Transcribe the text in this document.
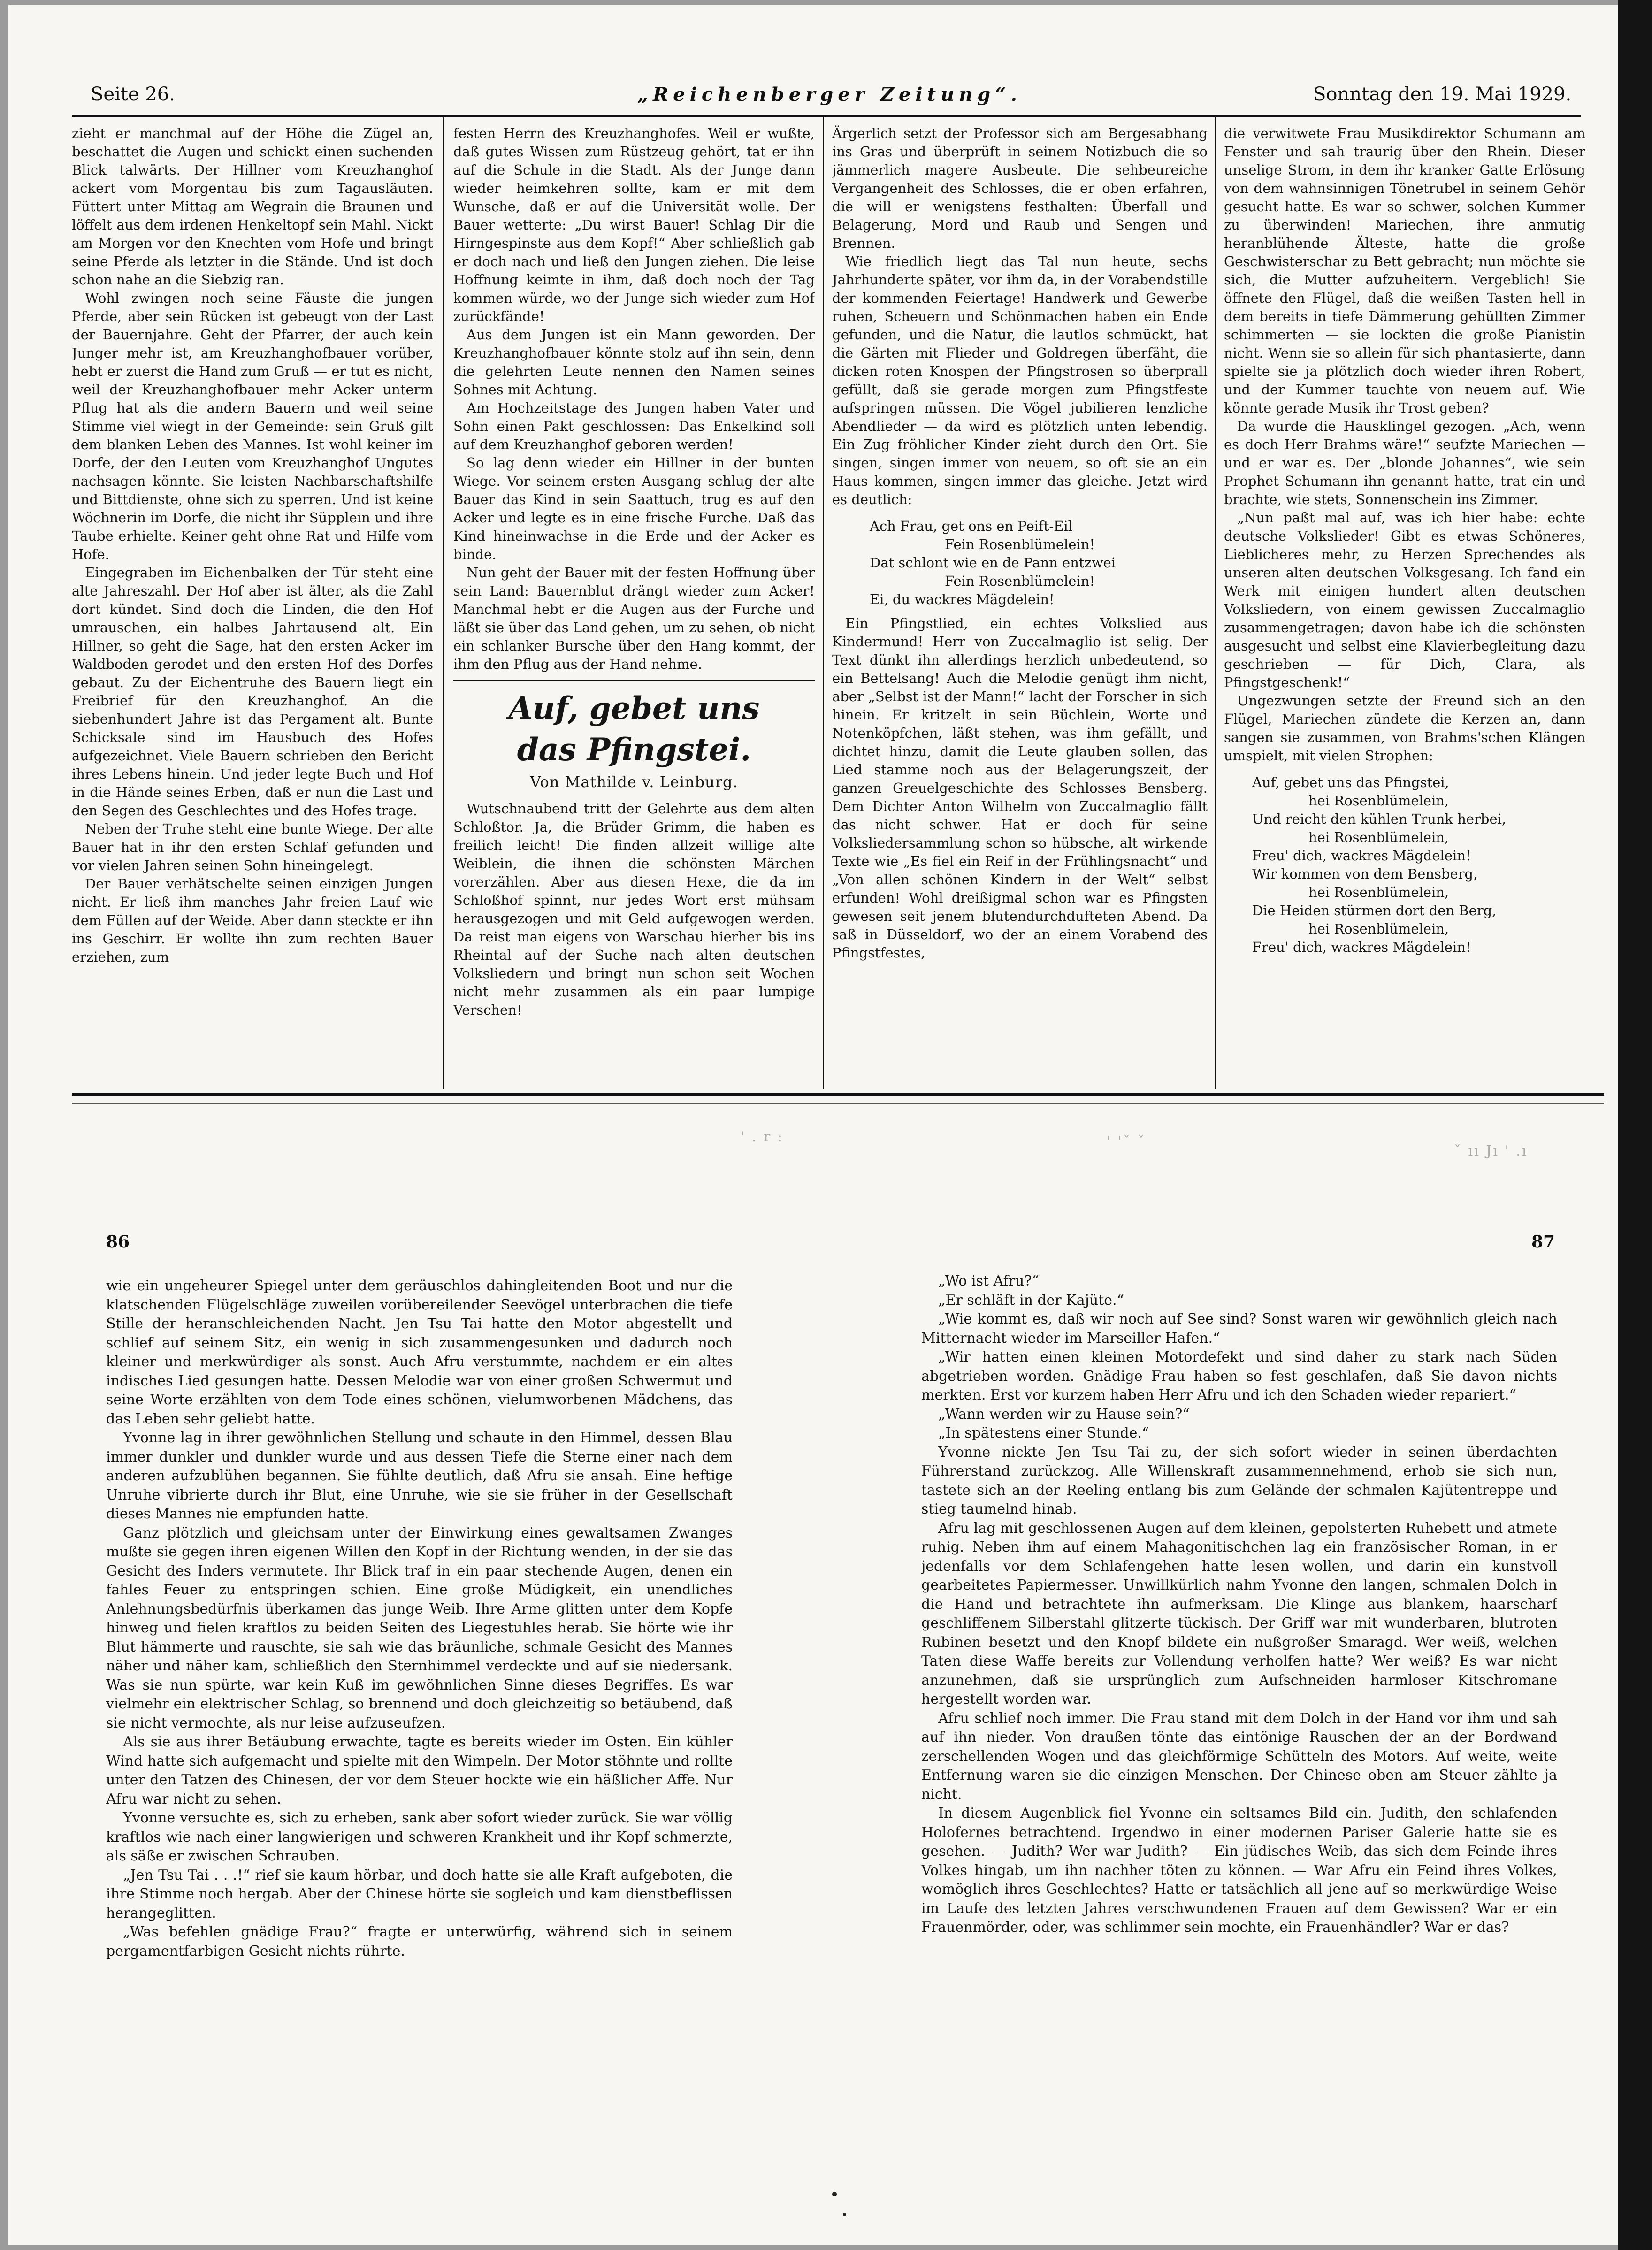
Seite 26.	„Reichenberger Zeitung“.	Sonntag den 19. Mai 1929.

zieht er manchmal auf der Höhe die Zügel an, beschattet die Augen und schickt einen suchenden Blick talwärts. Der Hillner vom Kreuzhanghof ackert vom Morgentau bis zum Tagausläuten. Füttert unter Mittag am Wegrain die Braunen und löffelt aus dem irdenen Henkeltopf sein Mahl. Nickt am Morgen vor den Knechten vom Hofe und bringt seine Pferde als letzter in die Stände. Und ist doch schon nahe an die Siebzig ran.

Wohl zwingen noch seine Fäuste die jungen Pferde, aber sein Rücken ist gebeugt von der Last der Bauernjahre. Geht der Pfarrer, der auch kein Junger mehr ist, am Kreuzhanghofbauer vorüber, hebt er zuerst die Hand zum Gruß — er tut es nicht, weil der Kreuzhanghofbauer mehr Acker unterm Pflug hat als die andern Bauern und weil seine Stimme viel wiegt in der Gemeinde: sein Gruß gilt dem blanken Leben des Mannes. Ist wohl keiner im Dorfe, der den Leuten vom Kreuzhanghof Ungutes nachsagen könnte. Sie leisten Nachbarschaftshilfe und Bittdienste, ohne sich zu sperren. Und ist keine Wöchnerin im Dorfe, die nicht ihr Süpplein und ihre Taube erhielte. Keiner geht ohne Rat und Hilfe vom Hofe.

Eingegraben im Eichenbalken der Tür steht eine alte Jahreszahl. Der Hof aber ist älter, als die Zahl dort kündet. Sind doch die Linden, die den Hof umrauschen, ein halbes Jahrtausend alt. Ein Hillner, so geht die Sage, hat den ersten Acker im Waldboden gerodet und den ersten Hof des Dorfes gebaut. Zu der Eichentruhe des Bauern liegt ein Freibrief für den Kreuzhanghof. An die siebenhundert Jahre ist das Pergament alt. Bunte Schicksale sind im Hausbuch des Hofes aufgezeichnet. Viele Bauern schrieben den Bericht ihres Lebens hinein. Und jeder legte Buch und Hof in die Hände seines Erben, daß er nun die Last und den Segen des Geschlechtes und des Hofes trage.

Neben der Truhe steht eine bunte Wiege. Der alte Bauer hat in ihr den ersten Schlaf gefunden und vor vielen Jahren seinen Sohn hineingelegt.

Der Bauer verhätschelte seinen einzigen Jungen nicht. Er ließ ihm manches Jahr freien Lauf wie dem Füllen auf der Weide. Aber dann steckte er ihn ins Geschirr. Er wollte ihn zum rechten Bauer erziehen, zum

festen Herrn des Kreuzhanghofes. Weil er wußte, daß gutes Wissen zum Rüstzeug gehört, tat er ihn auf die Schule in die Stadt. Als der Junge dann wieder heimkehren sollte, kam er mit dem Wunsche, daß er auf die Universität wolle. Der Bauer wetterte: „Du wirst Bauer! Schlag Dir die Hirngespinste aus dem Kopf!“ Aber schließlich gab er doch nach und ließ den Jungen ziehen. Die leise Hoffnung keimte in ihm, daß doch noch der Tag kommen würde, wo der Junge sich wieder zum Hof zurückfände!

Aus dem Jungen ist ein Mann geworden. Der Kreuzhanghofbauer könnte stolz auf ihn sein, denn die gelehrten Leute nennen den Namen seines Sohnes mit Achtung.

Am Hochzeitstage des Jungen haben Vater und Sohn einen Pakt geschlossen: Das Enkelkind soll auf dem Kreuzhanghof geboren werden!

So lag denn wieder ein Hillner in der bunten Wiege. Vor seinem ersten Ausgang schlug der alte Bauer das Kind in sein Saattuch, trug es auf den Acker und legte es in eine frische Furche. Daß das Kind hineinwachse in die Erde und der Acker es binde.

Nun geht der Bauer mit der festen Hoffnung über sein Land: Bauernblut drängt wieder zum Acker! Manchmal hebt er die Augen aus der Furche und läßt sie über das Land gehen, um zu sehen, ob nicht ein schlanker Bursche über den Hang kommt, der ihm den Pflug aus der Hand nehme.

Auf, gebet uns
das Pfingstei.
Von Mathilde v. Leinburg.

Wutschnaubend tritt der Gelehrte aus dem alten Schloßtor. Ja, die Brüder Grimm, die haben es freilich leicht! Die finden allzeit willige alte Weiblein, die ihnen die schönsten Märchen vorerzählen. Aber aus diesen Hexe, die da im Schloßhof spinnt, nur jedes Wort erst mühsam herausgezogen und mit Geld aufgewogen werden. Da reist man eigens von Warschau hierher bis ins Rheintal auf der Suche nach alten deutschen Volksliedern und bringt nun schon seit Wochen nicht mehr zusammen als ein paar lumpige Verschen!

Ärgerlich setzt der Professor sich am Bergesabhang ins Gras und überprüft in seinem Notizbuch die so jämmerlich magere Ausbeute. Die sehbeureiche Vergangenheit des Schlosses, die er oben erfahren, die will er wenigstens festhalten: Überfall und Belagerung, Mord und Raub und Sengen und Brennen.

Wie friedlich liegt das Tal nun heute, sechs Jahrhunderte später, vor ihm da, in der Vorabendstille der kommenden Feiertage! Handwerk und Gewerbe ruhen, Scheuern und Schönmachen haben ein Ende gefunden, und die Natur, die lautlos schmückt, hat die Gärten mit Flieder und Goldregen überfäht, die dicken roten Knospen der Pfingstrosen so überprall gefüllt, daß sie gerade morgen zum Pfingstfeste aufspringen müssen. Die Vögel jubilieren lenzliche Abendlieder — da wird es plötzlich unten lebendig. Ein Zug fröhlicher Kinder zieht durch den Ort. Sie singen, singen immer von neuem, so oft sie an ein Haus kommen, singen immer das gleiche. Jetzt wird es deutlich:

Ach Frau, get ons en Peift-Eil

Fein Rosenblümelein!

Dat schlont wie en de Pann entzwei

Fein Rosenblümelein!

Ei, du wackres Mägdelein!

Ein Pfingstlied, ein echtes Volkslied aus Kindermund! Herr von Zuccalmaglio ist selig. Der Text dünkt ihn allerdings herzlich unbedeutend, so ein Bettelsang! Auch die Melodie genügt ihm nicht, aber „Selbst ist der Mann!“ lacht der Forscher in sich hinein. Er kritzelt in sein Büchlein, Worte und Notenköpfchen, läßt stehen, was ihm gefällt, und dichtet hinzu, damit die Leute glauben sollen, das Lied stamme noch aus der Belagerungszeit, der ganzen Greuelgeschichte des Schlosses Bensberg. Dem Dichter Anton Wilhelm von Zuccalmaglio fällt das nicht schwer. Hat er doch für seine Volksliedersammlung schon so hübsche, alt wirkende Texte wie „Es fiel ein Reif in der Frühlingsnacht“ und „Von allen schönen Kindern in der Welt“ selbst erfunden! Wohl dreißigmal schon war es Pfingsten gewesen seit jenem blutendurchdufteten Abend. Da saß in Düsseldorf, wo der an einem Vorabend des Pfingstfestes,

die verwitwete Frau Musikdirektor Schumann am Fenster und sah traurig über den Rhein. Dieser unselige Strom, in dem ihr kranker Gatte Erlösung von dem wahnsinnigen Tönetrubel in seinem Gehör gesucht hatte. Es war so schwer, solchen Kummer zu überwinden! Mariechen, ihre anmutig heranblühende Älteste, hatte die große Geschwisterschar zu Bett gebracht; nun möchte sie sich, die Mutter aufzuheitern. Vergeblich! Sie öffnete den Flügel, daß die weißen Tasten hell in dem bereits in tiefe Dämmerung gehüllten Zimmer schimmerten — sie lockten die große Pianistin nicht. Wenn sie so allein für sich phantasierte, dann spielte sie ja plötzlich doch wieder ihren Robert, und der Kummer tauchte von neuem auf. Wie könnte gerade Musik ihr Trost geben?

Da wurde die Hausklingel gezogen. „Ach, wenn es doch Herr Brahms wäre!“ seufzte Mariechen — und er war es. Der „blonde Johannes“, wie sein Prophet Schumann ihn genannt hatte, trat ein und brachte, wie stets, Sonnenschein ins Zimmer.

„Nun paßt mal auf, was ich hier habe: echte deutsche Volkslieder! Gibt es etwas Schöneres, Lieblicheres mehr, zu Herzen Sprechendes als unseren alten deutschen Volksgesang. Ich fand ein Werk mit einigen hundert alten deutschen Volksliedern, von einem gewissen Zuccalmaglio zusammengetragen; davon habe ich die schönsten ausgesucht und selbst eine Klavierbegleitung dazu geschrieben — für Dich, Clara, als Pfingstgeschenk!“

Ungezwungen setzte der Freund sich an den Flügel, Mariechen zündete die Kerzen an, dann sangen sie zusammen, von Brahms'schen Klängen umspielt, mit vielen Strophen:

Auf, gebet uns das Pfingstei,

hei Rosenblümelein,

Und reicht den kühlen Trunk herbei,

hei Rosenblümelein,

Freu' dich, wackres Mägdelein!

Wir kommen von dem Bensberg,

hei Rosenblümelein,

Die Heiden stürmen dort den Berg,

hei Rosenblümelein,

Freu' dich, wackres Mägdelein!

' . r :	' 'ˇ ˇ
ˇ ıı Jı ' .ı
86	87

wie ein ungeheurer Spiegel unter dem geräuschlos dahingleitenden Boot und nur die klatschenden Flügelschläge zuweilen vorübereilender Seevögel unterbrachen die tiefe Stille der heranschleichenden Nacht. Jen Tsu Tai hatte den Motor abgestellt und schlief auf seinem Sitz, ein wenig in sich zusammengesunken und dadurch noch kleiner und merkwürdiger als sonst. Auch Afru verstummte, nachdem er ein altes indisches Lied gesungen hatte. Dessen Melodie war von einer großen Schwermut und seine Worte erzählten von dem Tode eines schönen, vielumworbenen Mädchens, das das Leben sehr geliebt hatte.

Yvonne lag in ihrer gewöhnlichen Stellung und schaute in den Himmel, dessen Blau immer dunkler und dunkler wurde und aus dessen Tiefe die Sterne einer nach dem anderen aufzublühen begannen. Sie fühlte deutlich, daß Afru sie ansah. Eine heftige Unruhe vibrierte durch ihr Blut, eine Unruhe, wie sie sie früher in der Gesellschaft dieses Mannes nie empfunden hatte.

Ganz plötzlich und gleichsam unter der Einwirkung eines gewaltsamen Zwanges mußte sie gegen ihren eigenen Willen den Kopf in der Richtung wenden, in der sie das Gesicht des Inders vermutete. Ihr Blick traf in ein paar stechende Augen, denen ein fahles Feuer zu entspringen schien. Eine große Müdigkeit, ein unendliches Anlehnungsbedürfnis überkamen das junge Weib. Ihre Arme glitten unter dem Kopfe hinweg und fielen kraftlos zu beiden Seiten des Liegestuhles herab. Sie hörte wie ihr Blut hämmerte und rauschte, sie sah wie das bräunliche, schmale Gesicht des Mannes näher und näher kam, schließlich den Sternhimmel verdeckte und auf sie niedersank. Was sie nun spürte, war kein Kuß im gewöhnlichen Sinne dieses Begriffes. Es war vielmehr ein elektrischer Schlag, so brennend und doch gleichzeitig so betäubend, daß sie nicht vermochte, als nur leise aufzuseufzen.

Als sie aus ihrer Betäubung erwachte, tagte es bereits wieder im Osten. Ein kühler Wind hatte sich aufgemacht und spielte mit den Wimpeln. Der Motor stöhnte und rollte unter den Tatzen des Chinesen, der vor dem Steuer hockte wie ein häßlicher Affe. Nur Afru war nicht zu sehen.

Yvonne versuchte es, sich zu erheben, sank aber sofort wieder zurück. Sie war völlig kraftlos wie nach einer langwierigen und schweren Krankheit und ihr Kopf schmerzte, als säße er zwischen Schrauben.

„Jen Tsu Tai . . .!“ rief sie kaum hörbar, und doch hatte sie alle Kraft aufgeboten, die ihre Stimme noch hergab. Aber der Chinese hörte sie sogleich und kam dienstbeflissen herangeglitten.

„Was befehlen gnädige Frau?“ fragte er unterwürfig, während sich in seinem pergamentfarbigen Gesicht nichts rührte.

„Wo ist Afru?“

„Er schläft in der Kajüte.“

„Wie kommt es, daß wir noch auf See sind? Sonst waren wir gewöhnlich gleich nach Mitternacht wieder im Marseiller Hafen.“

„Wir hatten einen kleinen Motordefekt und sind daher zu stark nach Süden abgetrieben worden. Gnädige Frau haben so fest geschlafen, daß Sie davon nichts merkten. Erst vor kurzem haben Herr Afru und ich den Schaden wieder repariert.“

„Wann werden wir zu Hause sein?“

„In spätestens einer Stunde.“

Yvonne nickte Jen Tsu Tai zu, der sich sofort wieder in seinen überdachten Führerstand zurückzog. Alle Willenskraft zusammennehmend, erhob sie sich nun, tastete sich an der Reeling entlang bis zum Gelände der schmalen Kajütentreppe und stieg taumelnd hinab.

Afru lag mit geschlossenen Augen auf dem kleinen, gepolsterten Ruhebett und atmete ruhig. Neben ihm auf einem Mahagonitischchen lag ein französischer Roman, in er jedenfalls vor dem Schlafengehen hatte lesen wollen, und darin ein kunstvoll gearbeitetes Papiermesser. Unwillkürlich nahm Yvonne den langen, schmalen Dolch in die Hand und betrachtete ihn aufmerksam. Die Klinge aus blankem, haarscharf geschliffenem Silberstahl glitzerte tückisch. Der Griff war mit wunderbaren, blutroten Rubinen besetzt und den Knopf bildete ein nußgroßer Smaragd. Wer weiß, welchen Taten diese Waffe bereits zur Vollendung verholfen hatte? Wer weiß? Es war nicht anzunehmen, daß sie ursprünglich zum Aufschneiden harmloser Kitschromane hergestellt worden war.

Afru schlief noch immer. Die Frau stand mit dem Dolch in der Hand vor ihm und sah auf ihn nieder. Von draußen tönte das eintönige Rauschen der an der Bordwand zerschellenden Wogen und das gleichförmige Schütteln des Motors. Auf weite, weite Entfernung waren sie die einzigen Menschen. Der Chinese oben am Steuer zählte ja nicht.

In diesem Augenblick fiel Yvonne ein seltsames Bild ein. Judith, den schlafenden Holofernes betrachtend. Irgendwo in einer modernen Pariser Galerie hatte sie es gesehen. — Judith? Wer war Judith? — Ein jüdisches Weib, das sich dem Feinde ihres Volkes hingab, um ihn nachher töten zu können. — War Afru ein Feind ihres Volkes, womöglich ihres Geschlechtes? Hatte er tatsächlich all jene auf so merkwürdige Weise im Laufe des letzten Jahres verschwundenen Frauen auf dem Gewissen? War er ein Frauenmörder, oder, was schlimmer sein mochte, ein Frauenhändler? War er das?
